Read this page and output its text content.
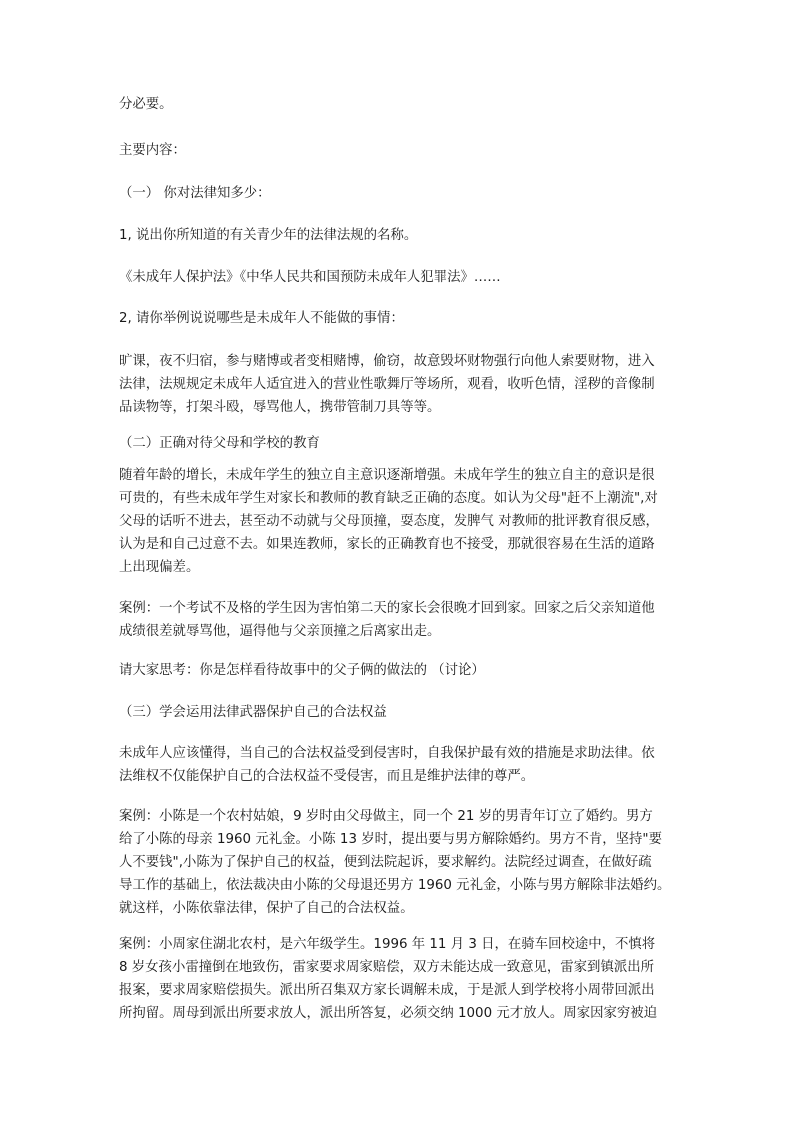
分必要。

主要内容：

（一） 你对法律知多少：

1, 说出你所知道的有关青少年的法律法规的名称。

《未成年人保护法》《中华人民共和国预防未成年人犯罪法》……

2, 请你举例说说哪些是未成年人不能做的事情：

旷课，夜不归宿，参与赌博或者变相赌博，偷窃，故意毁坏财物强行向他人索要财物，进入
法律，法规规定未成年人适宜进入的营业性歌舞厅等场所，观看，收听色情，淫秽的音像制
品读物等，打架斗殴，辱骂他人，携带管制刀具等等。

（二）正确对待父母和学校的教育

随着年龄的增长，未成年学生的独立自主意识逐渐增强。未成年学生的独立自主的意识是很
可贵的，有些未成年学生对家长和教师的教育缺乏正确的态度。如认为父母"赶不上潮流",对
父母的话听不进去，甚至动不动就与父母顶撞，耍态度，发脾气 对教师的批评教育很反感，
认为是和自己过意不去。如果连教师，家长的正确教育也不接受，那就很容易在生活的道路
上出现偏差。

案例：一个考试不及格的学生因为害怕第二天的家长会很晚才回到家。回家之后父亲知道他
成绩很差就辱骂他，逼得他与父亲顶撞之后离家出走。

请大家思考：你是怎样看待故事中的父子俩的做法的 （讨论）

（三）学会运用法律武器保护自己的合法权益

未成年人应该懂得，当自己的合法权益受到侵害时，自我保护最有效的措施是求助法律。依
法维权不仅能保护自己的合法权益不受侵害，而且是维护法律的尊严。

案例：小陈是一个农村姑娘，9 岁时由父母做主，同一个 21 岁的男青年订立了婚约。男方
给了小陈的母亲 1960 元礼金。小陈 13 岁时，提出要与男方解除婚约。男方不肯，坚持"要
人不要钱",小陈为了保护自己的权益，便到法院起诉，要求解约。法院经过调查，在做好疏
导工作的基础上，依法裁决由小陈的父母退还男方 1960 元礼金，小陈与男方解除非法婚约。
就这样，小陈依靠法律，保护了自己的合法权益。

案例：小周家住湖北农村，是六年级学生。1996 年 11 月 3 日，在骑车回校途中，不慎将
8 岁女孩小雷撞倒在地致伤，雷家要求周家赔偿，双方未能达成一致意见，雷家到镇派出所
报案，要求周家赔偿损失。派出所召集双方家长调解未成，于是派人到学校将小周带回派出
所拘留。周母到派出所要求放人，派出所答复，必须交纳 1000 元才放人。周家因家穷被迫
